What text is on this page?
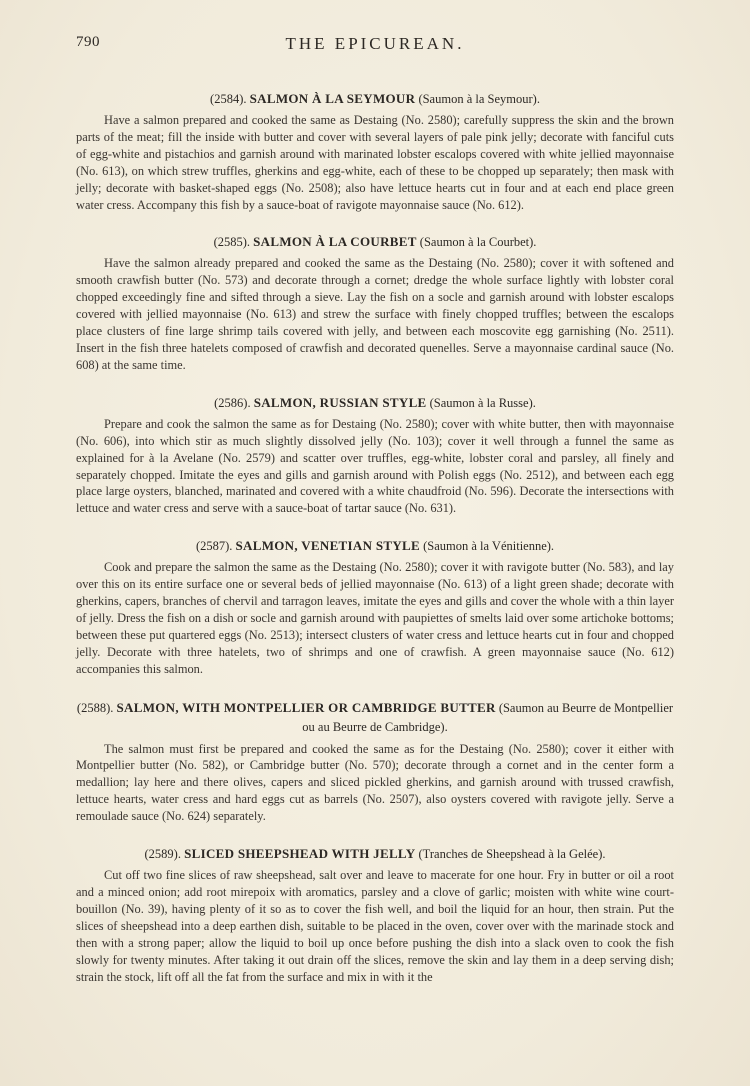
790	THE EPICUREAN.

(2584). SALMON À LA SEYMOUR (Saumon à la Seymour).

Have a salmon prepared and cooked the same as Destaing (No. 2580); carefully suppress the skin and the brown parts of the meat; fill the inside with butter and cover with several layers of pale pink jelly; decorate with fanciful cuts of egg-white and pistachios and garnish around with marinated lobster escalops covered with white jellied mayonnaise (No. 613), on which strew truffles, gherkins and egg-white, each of these to be chopped up separately; then mask with jelly; decorate with basket-shaped eggs (No. 2508); also have lettuce hearts cut in four and at each end place green water cress. Accompany this fish by a sauce-boat of ravigote mayonnaise sauce (No. 612).

(2585). SALMON À LA COURBET (Saumon à la Courbet).

Have the salmon already prepared and cooked the same as the Destaing (No. 2580); cover it with softened and smooth crawfish butter (No. 573) and decorate through a cornet; dredge the whole surface lightly with lobster coral chopped exceedingly fine and sifted through a sieve. Lay the fish on a socle and garnish around with lobster escalops covered with jellied mayonnaise (No. 613) and strew the surface with finely chopped truffles; between the escalops place clusters of fine large shrimp tails covered with jelly, and between each moscovite egg garnishing (No. 2511). Insert in the fish three hatelets composed of crawfish and decorated quenelles. Serve a mayonnaise cardinal sauce (No. 608) at the same time.

(2586). SALMON, RUSSIAN STYLE (Saumon à la Russe).

Prepare and cook the salmon the same as for Destaing (No. 2580); cover with white butter, then with mayonnaise (No. 606), into which stir as much slightly dissolved jelly (No. 103); cover it well through a funnel the same as explained for à la Avelane (No. 2579) and scatter over truffles, egg-white, lobster coral and parsley, all finely and separately chopped. Imitate the eyes and gills and garnish around with Polish eggs (No. 2512), and between each egg place large oysters, blanched, marinated and covered with a white chaudfroid (No. 596). Decorate the intersections with lettuce and water cress and serve with a sauce-boat of tartar sauce (No. 631).

(2587). SALMON, VENETIAN STYLE (Saumon à la Vénitienne).

Cook and prepare the salmon the same as the Destaing (No. 2580); cover it with ravigote butter (No. 583), and lay over this on its entire surface one or several beds of jellied mayonnaise (No. 613) of a light green shade; decorate with gherkins, capers, branches of chervil and tarragon leaves, imitate the eyes and gills and cover the whole with a thin layer of jelly. Dress the fish on a dish or socle and garnish around with paupiettes of smelts laid over some artichoke bottoms; between these put quartered eggs (No. 2513); intersect clusters of water cress and lettuce hearts cut in four and chopped jelly. Decorate with three hatelets, two of shrimps and one of crawfish. A green mayonnaise sauce (No. 612) accompanies this salmon.

(2588). SALMON, WITH MONTPELLIER OR CAMBRIDGE BUTTER (Saumon au Beurre de Montpellier ou au Beurre de Cambridge).

The salmon must first be prepared and cooked the same as for the Destaing (No. 2580); cover it either with Montpellier butter (No. 582), or Cambridge butter (No. 570); decorate through a cornet and in the center form a medallion; lay here and there olives, capers and sliced pickled gherkins, and garnish around with trussed crawfish, lettuce hearts, water cress and hard eggs cut as barrels (No. 2507), also oysters covered with ravigote jelly. Serve a remoulade sauce (No. 624) separately.

(2589). SLICED SHEEPSHEAD WITH JELLY (Tranches de Sheepshead à la Gelée).

Cut off two fine slices of raw sheepshead, salt over and leave to macerate for one hour. Fry in butter or oil a root and a minced onion; add root mirepoix with aromatics, parsley and a clove of garlic; moisten with white wine court-bouillon (No. 39), having plenty of it so as to cover the fish well, and boil the liquid for an hour, then strain. Put the slices of sheepshead into a deep earthen dish, suitable to be placed in the oven, cover over with the marinade stock and then with a strong paper; allow the liquid to boil up once before pushing the dish into a slack oven to cook the fish slowly for twenty minutes. After taking it out drain off the slices, remove the skin and lay them in a deep serving dish; strain the stock, lift off all the fat from the surface and mix in with it the
